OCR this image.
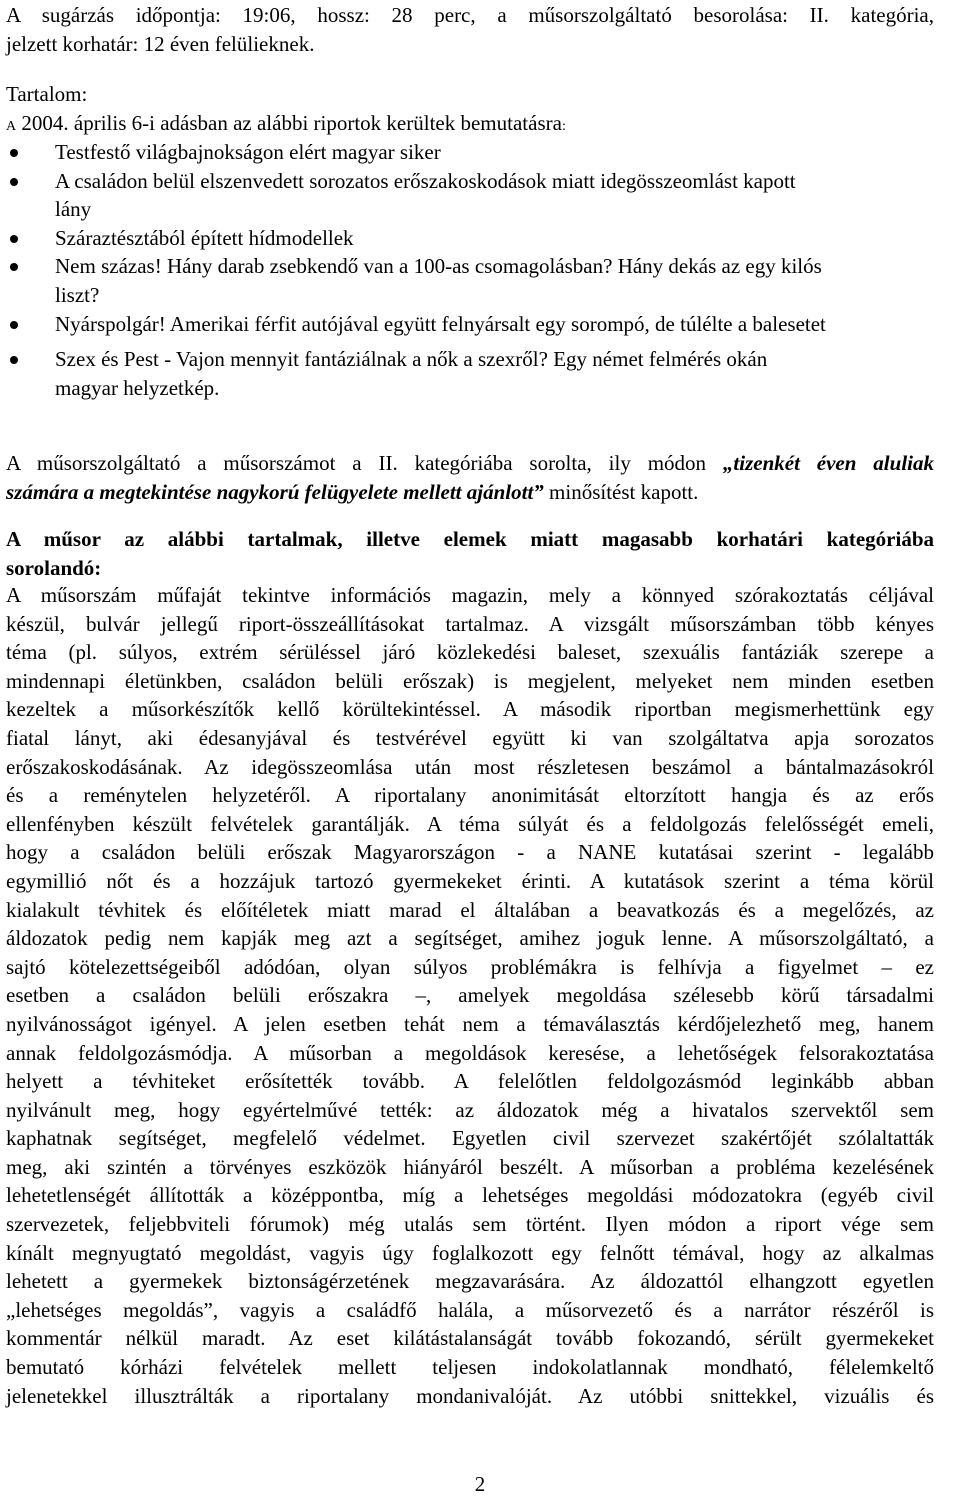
A sugárzás időpontja: 19:06, hossz: 28 perc, a műsorszolgáltató besorolása: II. kategória,

jelzett korhatár: 12 éven felülieknek.

Tartalom:

A 2004. április 6-i adásban az alábbi riportok kerültek bemutatásra:

Testfestő világbajnokságon elért magyar siker
A családon belül elszenvedett sorozatos erőszakoskodások miatt idegösszeomlást kapott
lány
Száraztésztából épített hídmodellek
Nem százas! Hány darab zsebkendő van a 100-as csomagolásban? Hány dekás az egy kilós
liszt?
Nyárspolgár! Amerikai férfit autójával együtt felnyársalt egy sorompó, de túlélte a balesetet
Szex és Pest - Vajon mennyit fantáziálnak a nők a szexről? Egy német felmérés okán
magyar helyzetkép.

A műsorszolgáltató a műsorszámot a II. kategóriába sorolta, ily módon „tizenkét éven aluliak

számára a megtekintése nagykorú felügyelete mellett ajánlott” minősítést kapott.

A műsor az alábbi tartalmak, illetve elemek miatt magasabb korhatári kategóriába

sorolandó:

A műsorszám műfaját tekintve információs magazin, mely a könnyed szórakoztatás céljával

készül, bulvár jellegű riport-összeállításokat tartalmaz. A vizsgált műsorszámban több kényes

téma (pl. súlyos, extrém sérüléssel járó közlekedési baleset, szexuális fantáziák szerepe a

mindennapi életünkben, családon belüli erőszak) is megjelent, melyeket nem minden esetben

kezeltek a műsorkészítők kellő körültekintéssel. A második riportban megismerhettünk egy

fiatal lányt, aki édesanyjával és testvérével együtt ki van szolgáltatva apja sorozatos

erőszakoskodásának. Az idegösszeomlása után most részletesen beszámol a bántalmazásokról

és a reménytelen helyzetéről. A riportalany anonimitását eltorzított hangja és az erős

ellenfényben készült felvételek garantálják. A téma súlyát és a feldolgozás felelősségét emeli,

hogy a családon belüli erőszak Magyarországon - a NANE kutatásai szerint - legalább

egymillió nőt és a hozzájuk tartozó gyermekeket érinti. A kutatások szerint a téma körül

kialakult tévhitek és előítéletek miatt marad el általában a beavatkozás és a megelőzés, az

áldozatok pedig nem kapják meg azt a segítséget, amihez joguk lenne. A műsorszolgáltató, a

sajtó kötelezettségeiből adódóan, olyan súlyos problémákra is felhívja a figyelmet – ez

esetben a családon belüli erőszakra –, amelyek megoldása szélesebb körű társadalmi

nyilvánosságot igényel. A jelen esetben tehát nem a témaválasztás kérdőjelezhető meg, hanem

annak feldolgozásmódja. A műsorban a megoldások keresése, a lehetőségek felsorakoztatása

helyett a tévhiteket erősítették tovább. A felelőtlen feldolgozásmód leginkább abban

nyilvánult meg, hogy egyértelművé tették: az áldozatok még a hivatalos szervektől sem

kaphatnak segítséget, megfelelő védelmet. Egyetlen civil szervezet szakértőjét szólaltatták

meg, aki szintén a törvényes eszközök hiányáról beszélt. A műsorban a probléma kezelésének

lehetetlenségét állították a középpontba, míg a lehetséges megoldási módozatokra (egyéb civil

szervezetek, feljebbviteli fórumok) még utalás sem történt. Ilyen módon a riport vége sem

kínált megnyugtató megoldást, vagyis úgy foglalkozott egy felnőtt témával, hogy az alkalmas

lehetett a gyermekek biztonságérzetének megzavarására. Az áldozattól elhangzott egyetlen

„lehetséges megoldás”, vagyis a családfő halála, a műsorvezető és a narrátor részéről is

kommentár nélkül maradt. Az eset kilátástalanságát tovább fokozandó, sérült gyermekeket

bemutató kórházi felvételek mellett teljesen indokolatlannak mondható, félelemkeltő

jelenetekkel illusztrálták a riportalany mondanivalóját. Az utóbbi snittekkel, vizuális és

2
